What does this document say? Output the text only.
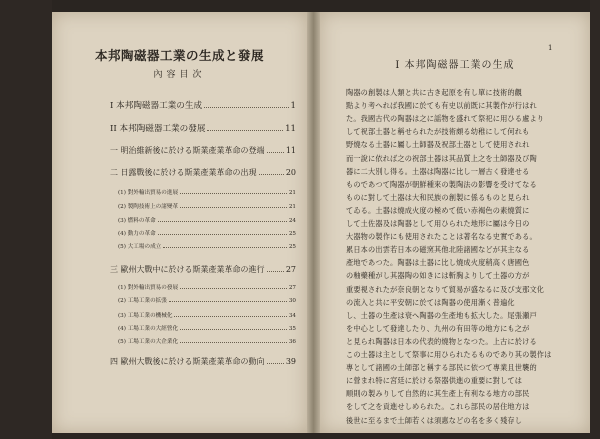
本邦陶磁器工業の生成と發展
內容目次
1
I 本邦陶磁器工業の生成
I 本邦陶磁器工業の生成	1
II 本邦陶磁器工業の發展	11
一 明治維新後に於ける斯業產業革命の登端	11
二 日露戰後に於ける斯業產業革命の出現	20
(1) 對外輸出貿易の進展	21
(2) 製陶技術上の諸變革	21
(3) 燃料の革命	24
(4) 動力の革命	25
(5) 大工場の成立	25
三 歐州大戰中に於ける斯業產業革命の進行	27
(1) 對外輸出貿易の發展	27
(2) 工場工業の拡張	30
(3) 工場工業の機械化	34
(4) 工場工業の大經營化	35
(5) 工場工業の大企業化	36
四 歐州大戰後に於ける斯業產業革命の動向	39
陶器の創製は人類と共に古き起原を有し單に技術的觀
點より考へれば我國に於ても有史以前既に其製作が行はれ
た。我國古代の陶器は之に謡物を盛れて祭祀に用ひる處より
して祝部土器と稱せられたが技術頗る幼稚にして何れも
野燒なる土器に屬し土師器及祝部土器として使用されれ
而一說に依れば之の祝部土器は其品質上之を土師器及び陶
器に二大別し得る。土器は陶器に比し一層古く發達せる
ものであつて陶器が朝鮮種來の製陶法の影響を受けてなる
ものに對して土器は大和民族の創製に係るものと見られ
てゐる。土器は燒成火度の極めて低い赤褐色の素燒質に
して土佐器及は陶器として用ひられた地形に屬は今日の
大器物の製作にも使用されたことは著名なる史實である。
累日本の出雲若日本の磁窯其他北陸諸國などが其主なる
產地であつた。陶器は土器に比し燒成火度稍高く唐國色
の釉藥種がし其器陶の如きには斬胸よりして土器の方が
重要視されたが奈良朝となりて貿易が盛なるに及び支那文化
の流入と共に平安朝に於ては陶器の使用漸く普遍化
し、土器の生產は衰へ陶器の生產地も拡大した。尾張瀬戸
を中心として發達したり、九州の有田等の地方にも之が
と見られ陶器は日本の代表的燒物となつた。上古に於ける
この土器は主として祭事に用ひられたるものであり其の製作は
專として諸國の土師部と稱する部民に依つて專業且世襲的
に營まれ特に宮廷に於ける祭器供進の重要に對しては
順則の製みりして自然的に其生產上有利なる地方の部民
をして之を貢進せしめられた。これら部民の居住地方は
後世に至るまで土師若くは須惠などの名を多く殘存し
